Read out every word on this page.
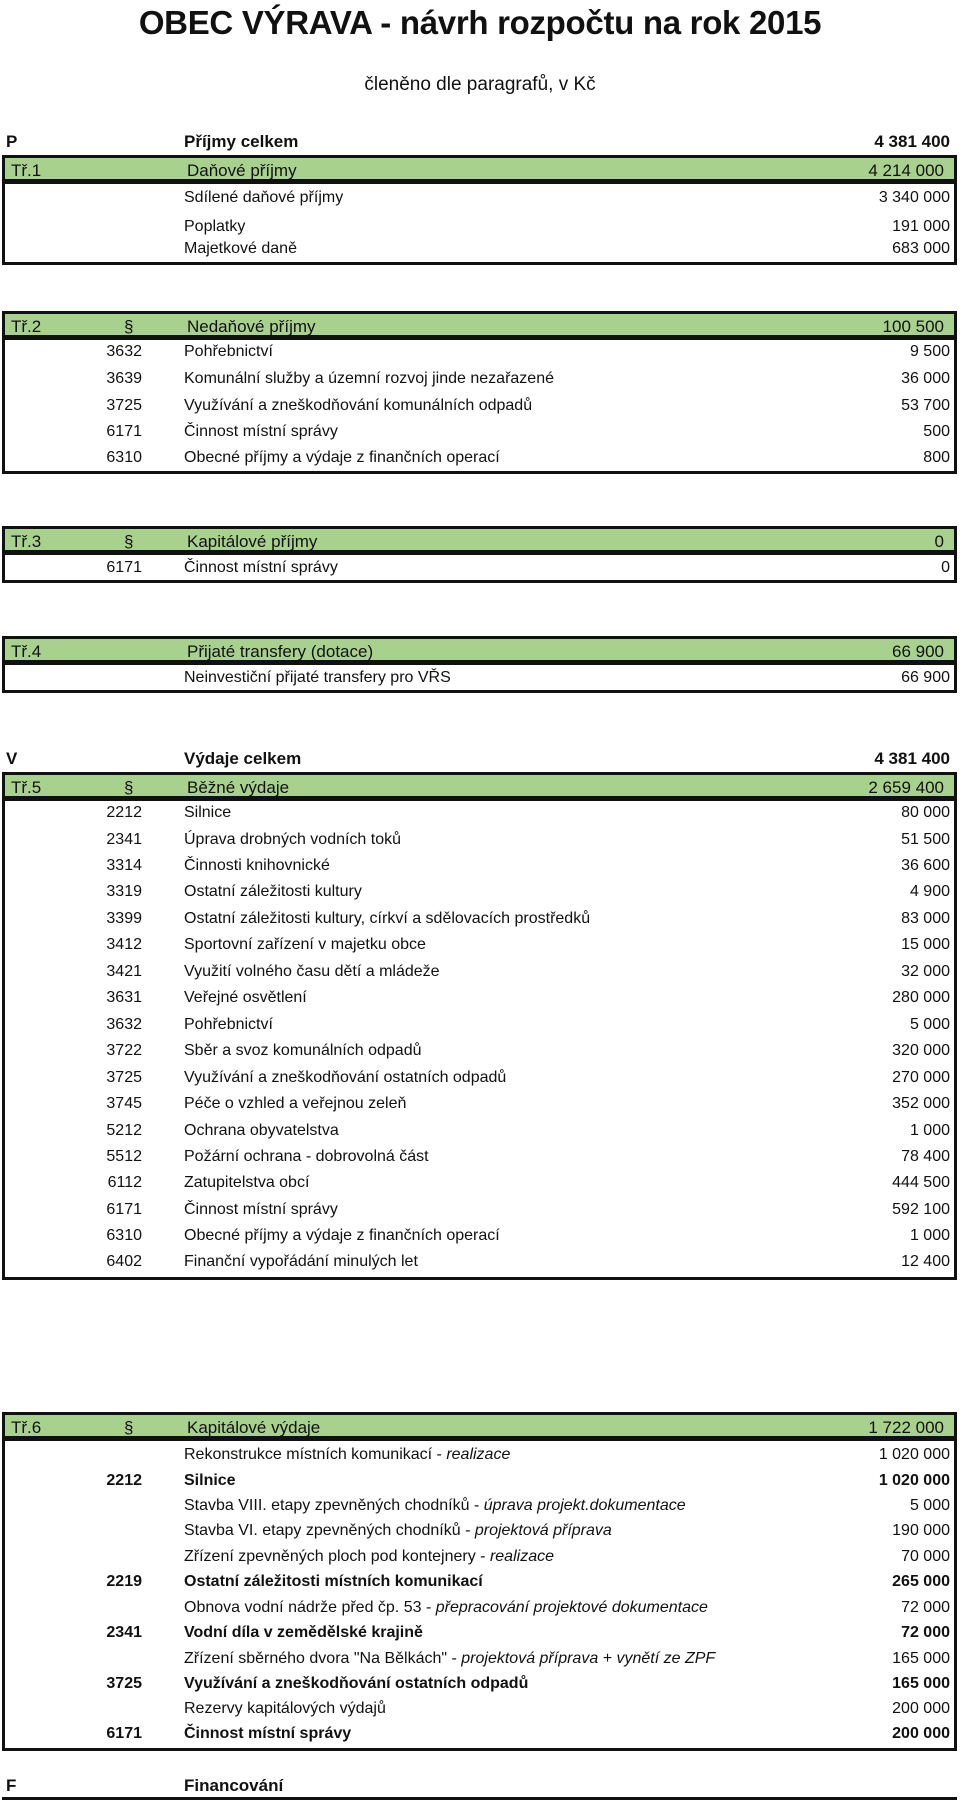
OBEC VÝRAVA - návrh rozpočtu na rok 2015
členěno dle paragrafů, v Kč
P	Příjmy celkem	4 381 400
Tř.1	Daňové příjmy	4 214 000
Sdílené daňové příjmy	3 340 000
Poplatky	191 000
Majetkové daně	683 000
Tř.2	§	Nedaňové příjmy	100 500
3632	Pohřebnictví	9 500
3639	Komunální služby a územní rozvoj jinde nezařazené	36 000
3725	Využívání a zneškodňování komunálních odpadů	53 700
6171	Činnost místní správy	500
6310	Obecné příjmy a výdaje z finančních operací	800
Tř.3	§	Kapitálové příjmy	0
6171	Činnost místní správy	0
Tř.4	Přijaté transfery (dotace)	66 900
Neinvestiční přijaté transfery pro VŘS	66 900
V	Výdaje celkem	4 381 400
Tř.5	§	Běžné výdaje	2 659 400
2212	Silnice	80 000
2341	Úprava drobných vodních toků	51 500
3314	Činnosti knihovnické	36 600
3319	Ostatní záležitosti kultury	4 900
3399	Ostatní záležitosti kultury, církví a sdělovacích prostředků	83 000
3412	Sportovní zařízení v majetku obce	15 000
3421	Využití volného času dětí a mládeže	32 000
3631	Veřejné osvětlení	280 000
3632	Pohřebnictví	5 000
3722	Sběr a svoz komunálních odpadů	320 000
3725	Využívání a zneškodňování ostatních odpadů	270 000
3745	Péče o vzhled a veřejnou zeleň	352 000
5212	Ochrana obyvatelstva	1 000
5512	Požární ochrana - dobrovolná část	78 400
6112	Zatupitelstva obcí	444 500
6171	Činnost místní správy	592 100
6310	Obecné příjmy a výdaje z finančních operací	1 000
6402	Finanční vypořádání minulých let	12 400
Tř.6	§	Kapitálové výdaje	1 722 000
Rekonstrukce místních komunikací - realizace	1 020 000
2212	Silnice	1 020 000
Stavba VIII. etapy zpevněných chodníků - úprava projekt.dokumentace	5 000
Stavba VI. etapy zpevněných chodníků - projektová příprava	190 000
Zřízení zpevněných ploch pod kontejnery - realizace	70 000
2219	Ostatní záležitosti místních komunikací	265 000
Obnova vodní nádrže před čp. 53 - přepracování projektové dokumentace	72 000
2341	Vodní díla v zemědělské krajině	72 000
Zřízení sběrného dvora "Na Bělkách" - projektová příprava + vynětí ze ZPF	165 000
3725	Využívání a zneškodňování ostatních odpadů	165 000
Rezervy kapitálových výdajů	200 000
6171	Činnost místní správy	200 000
F	Financování
